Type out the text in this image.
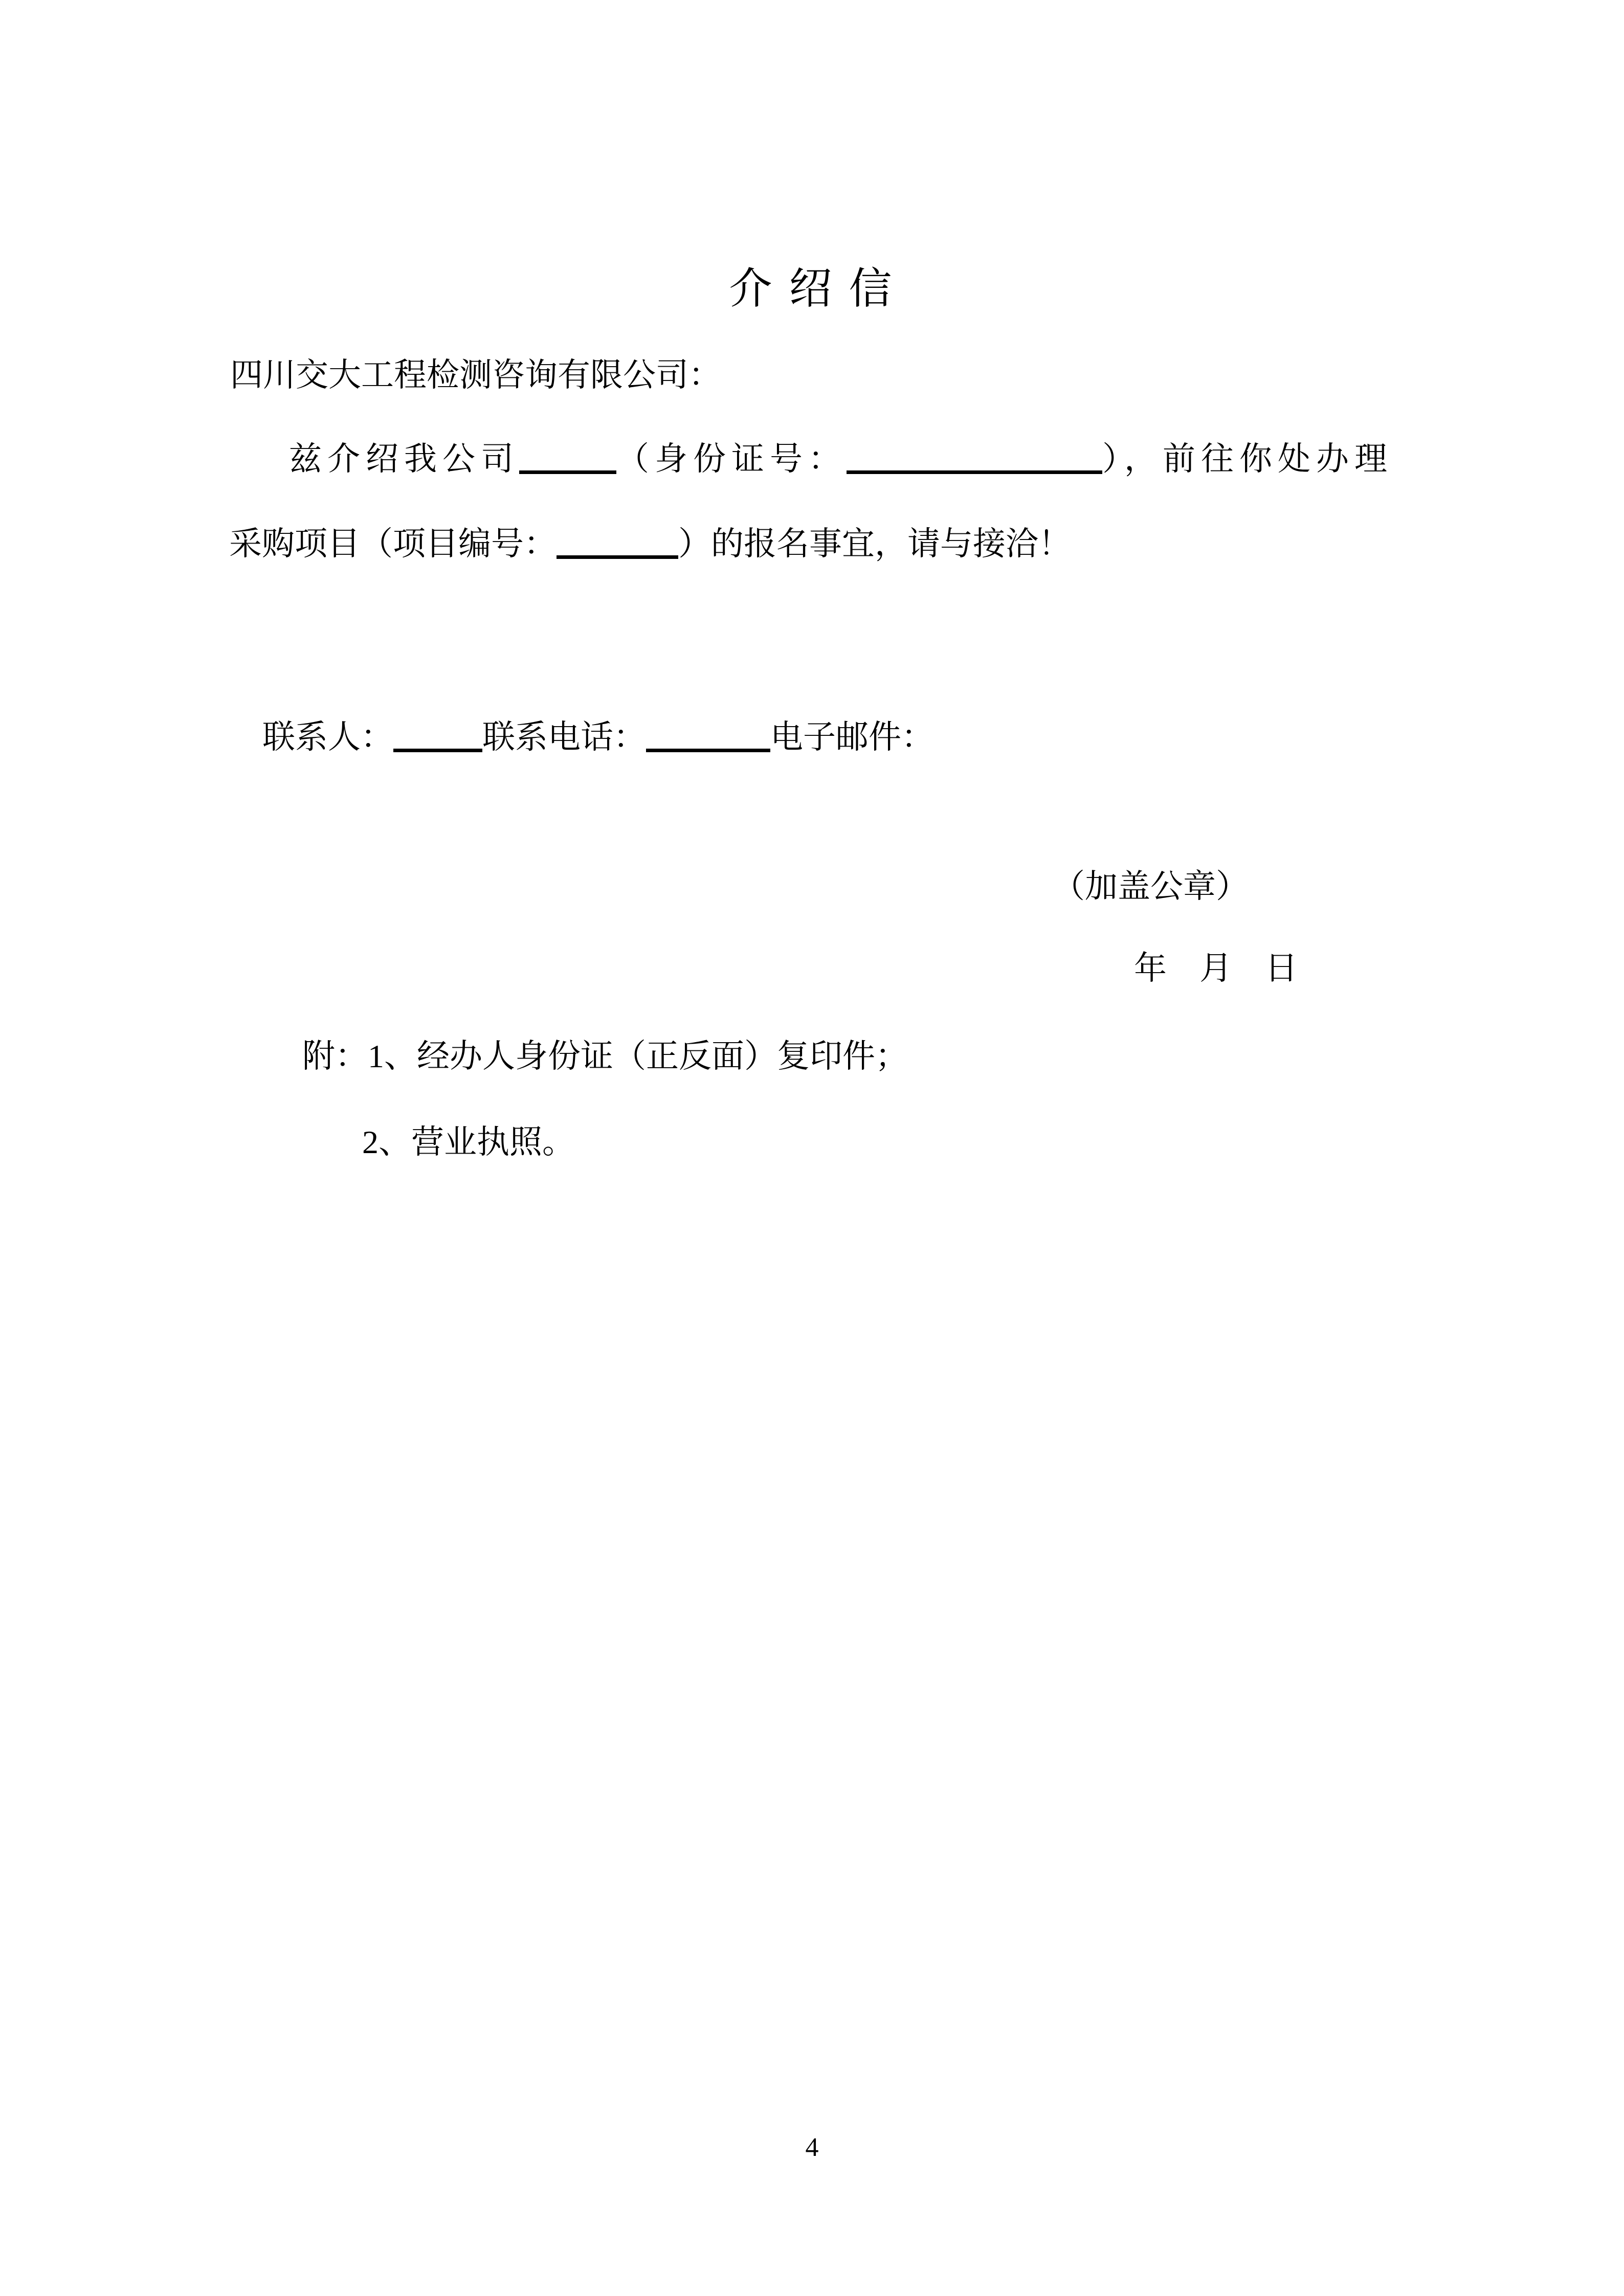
介 绍 信
四川交大工程检测咨询有限公司：
兹介绍我公司	（身份证号：	），前往你处办理
采购项目（项目编号：	）的报名事宜，请与接洽！
联系人：	联系电话：	电子邮件：
（加盖公章）
年　月　日
附：1、经办人身份证（正反面）复印件；
2、营业执照。
4
